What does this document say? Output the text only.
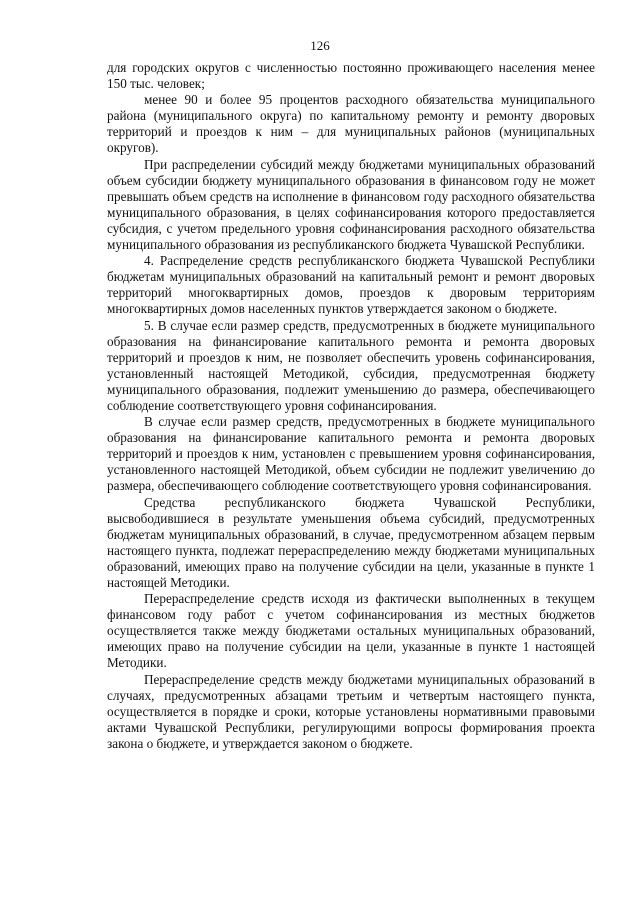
126

для городских округов с численностью постоянно проживающего населения менее 150 тыс. человек;

менее 90 и более 95 процентов расходного обязательства муниципального района (муниципального округа) по капитальному ремонту и ремонту дворовых территорий и проездов к ним – для муниципальных районов (муниципальных округов).

При распределении субсидий между бюджетами муниципальных образований объем субсидии бюджету муниципального образования в финансовом году не может превышать объем средств на исполнение в финансовом году расходного обязательства муниципального образования, в целях софинансирования которого предоставляется субсидия, с учетом предельного уровня софинансирования расходного обязательства муниципального образования из республиканского бюджета Чувашской Республики.

4. Распределение средств республиканского бюджета Чувашской Республики бюджетам муниципальных образований на капитальный ремонт и ремонт дворовых территорий многоквартирных домов, проездов к дворовым территориям многоквартирных домов населенных пунктов утверждается законом о бюджете.

5. В случае если размер средств, предусмотренных в бюджете муниципального образования на финансирование капитального ремонта и ремонта дворовых территорий и проездов к ним, не позволяет обеспечить уровень софинансирования, установленный настоящей Методикой, субсидия, предусмотренная бюджету муниципального образования, подлежит уменьшению до размера, обеспечивающего соблюдение соответствующего уровня софинансирования.

В случае если размер средств, предусмотренных в бюджете муниципального образования на финансирование капитального ремонта и ремонта дворовых территорий и проездов к ним, установлен с превышением уровня софинансирования, установленного настоящей Методикой, объем субсидии не подлежит увеличению до размера, обеспечивающего соблюдение соответствующего уровня софинансирования.

Средства республиканского бюджета Чувашской Республики, высвободившиеся в результате уменьшения объема субсидий, предусмотренных бюджетам муниципальных образований, в случае, предусмотренном абзацем первым настоящего пункта, подлежат перераспределению между бюджетами муниципальных образований, имеющих право на получение субсидии на цели, указанные в пункте 1 настоящей Методики.

Перераспределение средств исходя из фактически выполненных в текущем финансовом году работ с учетом софинансирования из местных бюджетов осуществляется также между бюджетами остальных муниципальных образований, имеющих право на получение субсидии на цели, указанные в пункте 1 настоящей Методики.

Перераспределение средств между бюджетами муниципальных образований в случаях, предусмотренных абзацами третьим и четвертым настоящего пункта, осуществляется в порядке и сроки, которые установлены нормативными правовыми актами Чувашской Республики, регулирующими вопросы формирования проекта закона о бюджете, и утверждается законом о бюджете.
